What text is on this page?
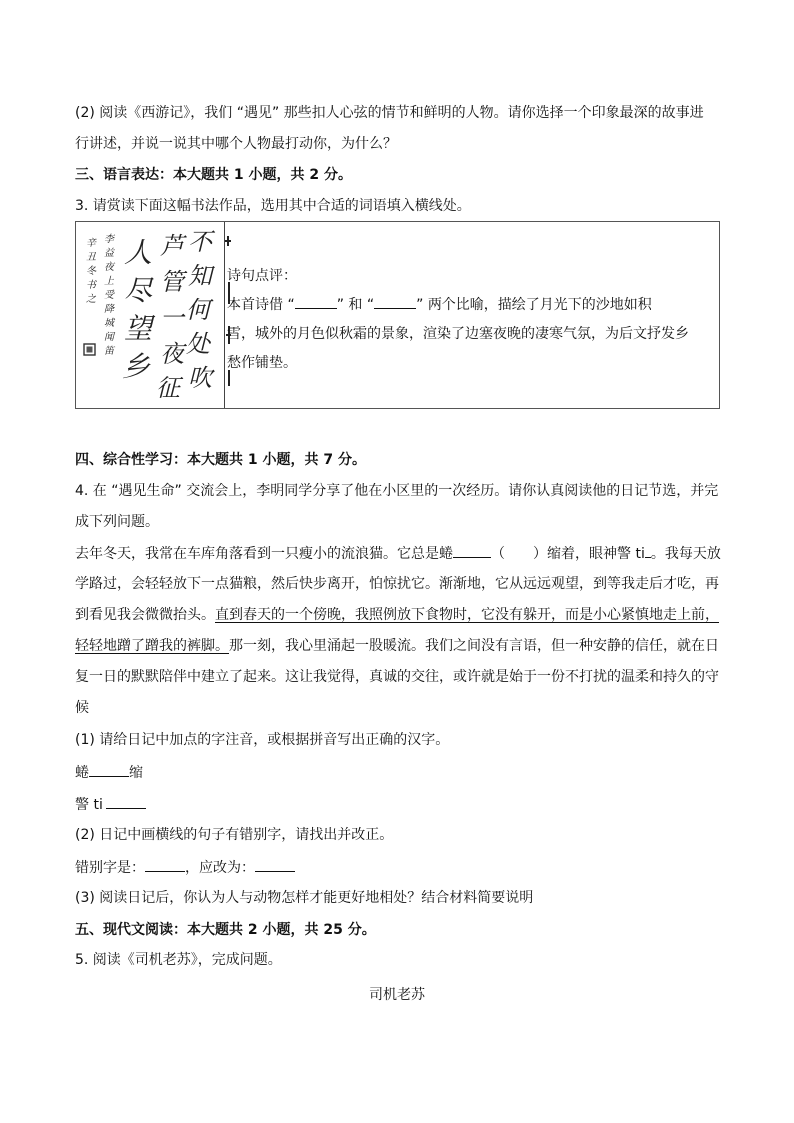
(2) 阅读《西游记》，我们 “遇见” 那些扣人心弦的情节和鲜明的人物。请你选择一个印象最深的故事进
行讲述，并说一说其中哪个人物最打动你，为什么？
三、语言表达：本大题共 1 小题，共 2 分。
3. 请赏读下面这幅书法作品，选用其中合适的词语填入横线处。
不
知
何
处
吹
芦
管
一
夜
征
人
尽
望
乡
李
益
夜
上
受
降
城
闻
笛
辛
丑
冬
书
之
诗句点评：
本首诗借 “	” 和 “	” 两个比喻，描绘了月光下的沙地如积
雪，城外的月色似秋霜的景象，渲染了边塞夜晚的凄寒气氛，为后文抒发乡
愁作铺垫。
四、综合性学习：本大题共 1 小题，共 7 分。
4. 在 “遇见生命” 交流会上，李明同学分享了他在小区里的一次经历。请你认真阅读他的日记节选，并完
成下列问题。
去年冬天，我常在车库角落看到一只瘦小的流浪猫。它总是蜷	（　　）缩着，眼神警 ti 。我每天放
学路过，会轻轻放下一点猫粮，然后快步离开，怕惊扰它。渐渐地，它从远远观望，到等我走后才吃，再
到看见我会微微抬头。直到春天的一个傍晚，我照例放下食物时，它没有躲开，而是小心紧慎地走上前，
轻轻地蹭了蹭我的裤脚。那一刻，我心里涌起一股暖流。我们之间没有言语，但一种安静的信任，就在日
复一日的默默陪伴中建立了起来。这让我觉得，真诚的交往，或许就是始于一份不打扰的温柔和持久的守
候
(1) 请给日记中加点的字注音，或根据拼音写出正确的汉字。
蜷	缩
警 ti
(2) 日记中画横线的句子有错别字，请找出并改正。
错别字是：	，应改为：
(3) 阅读日记后，你认为人与动物怎样才能更好地相处？结合材料简要说明
五、现代文阅读：本大题共 2 小题，共 25 分。
5. 阅读《司机老苏》，完成问题。
司机老苏
